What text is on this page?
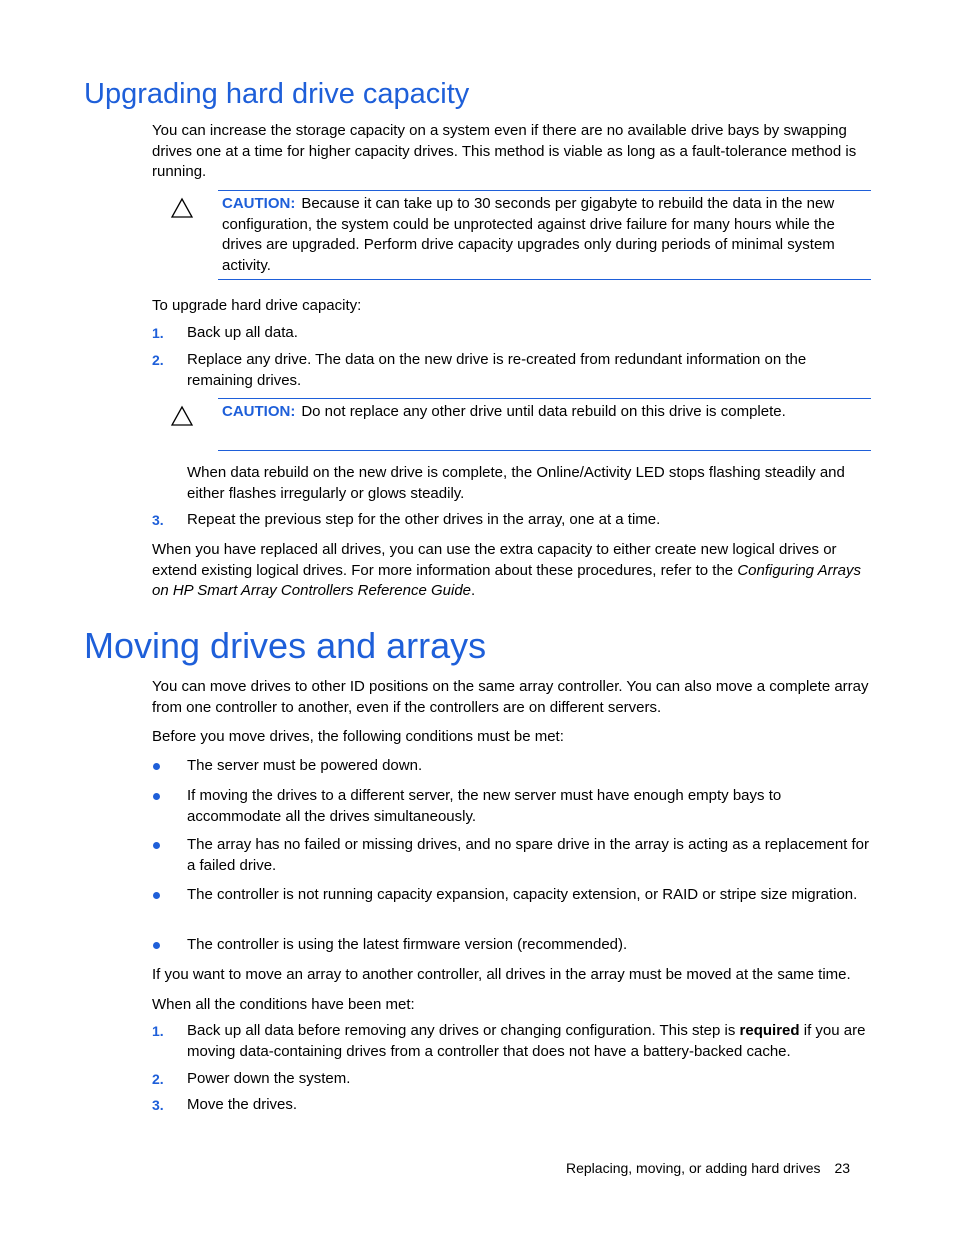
Upgrading hard drive capacity

You can increase the storage capacity on a system even if there are no available drive bays by swapping drives one at a time for higher capacity drives. This method is viable as long as a fault-tolerance method is running.

CAUTION: Because it can take up to 30 seconds per gigabyte to rebuild the data in the new configuration, the system could be unprotected against drive failure for many hours while the drives are upgraded. Perform drive capacity upgrades only during periods of minimal system activity.

To upgrade hard drive capacity:

1. Back up all data.

2. Replace any drive. The data on the new drive is re-created from redundant information on the remaining drives.

CAUTION: Do not replace any other drive until data rebuild on this drive is complete.

When data rebuild on the new drive is complete, the Online/Activity LED stops flashing steadily and either flashes irregularly or glows steadily.

3. Repeat the previous step for the other drives in the array, one at a time.

When you have replaced all drives, you can use the extra capacity to either create new logical drives or extend existing logical drives. For more information about these procedures, refer to the Configuring Arrays on HP Smart Array Controllers Reference Guide.

Moving drives and arrays

You can move drives to other ID positions on the same array controller. You can also move a complete array from one controller to another, even if the controllers are on different servers.

Before you move drives, the following conditions must be met:

The server must be powered down.

If moving the drives to a different server, the new server must have enough empty bays to accommodate all the drives simultaneously.

The array has no failed or missing drives, and no spare drive in the array is acting as a replacement for a failed drive.

The controller is not running capacity expansion, capacity extension, or RAID or stripe size migration.

The controller is using the latest firmware version (recommended).

If you want to move an array to another controller, all drives in the array must be moved at the same time.

When all the conditions have been met:

1. Back up all data before removing any drives or changing configuration. This step is required if you are moving data-containing drives from a controller that does not have a battery-backed cache.

2. Power down the system.

3. Move the drives.

Replacing, moving, or adding hard drives 23
